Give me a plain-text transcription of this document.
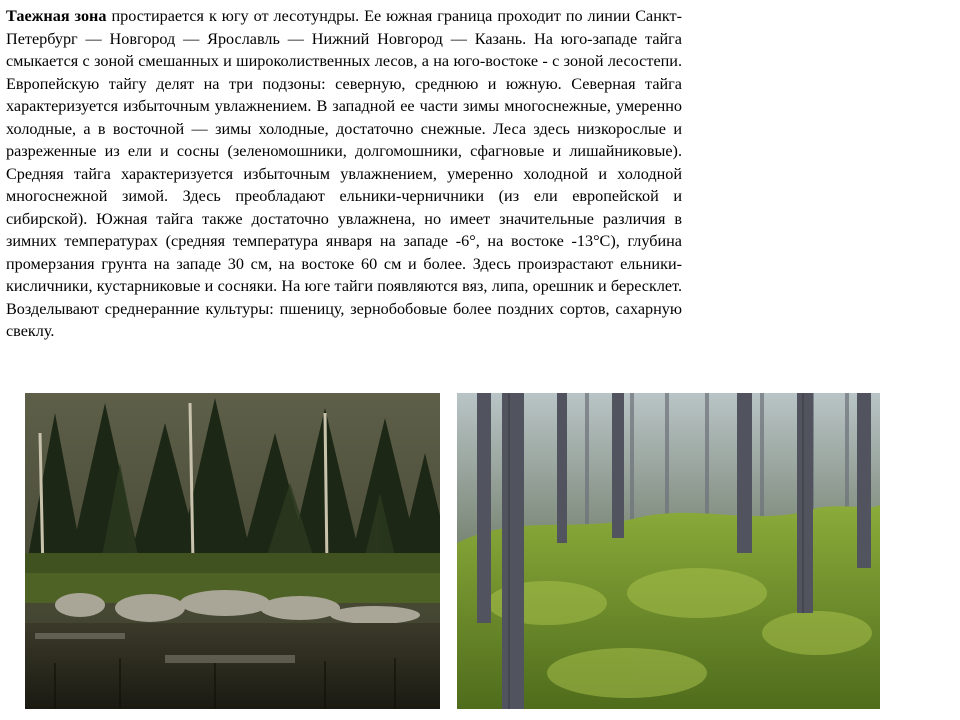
Таежная зона простирается к югу от лесотундры. Ее южная граница проходит по линии Санкт-Петербург — Новгород — Ярославль — Нижний Новгород — Казань. На юго-западе тайга смыкается с зоной смешанных и широколиственных лесов, а на юго-востоке - с зоной лесостепи. Европейскую тайгу делят на три подзоны: северную, среднюю и южную. Северная тайга характеризуется избыточным увлажнением. В западной ее части зимы многоснежные, умеренно холодные, а в восточной — зимы холодные, достаточно снежные. Леса здесь низкорослые и разреженные из ели и сосны (зеленомошники, долгомошники, сфагновые и лишайниковые). Средняя тайга характеризуется избыточным увлажнением, умеренно холодной и холодной многоснежной зимой. Здесь преобладают ельники-черничники (из ели европейской и сибирской). Южная тайга также достаточно увлажнена, но имеет значительные различия в зимних температурах (средняя температура января на западе -6°, на востоке -13°С), глубина промерзания грунта на западе 30 см, на востоке 60 см и более. Здесь произрастают ельники-кисличники, кустарниковые и сосняки. На юге тайги появляются вяз, липа, орешник и бересклет. Возделывают среднеранние культуры: пшеницу, зернобобовые более поздних сортов, сахарную свеклу.
